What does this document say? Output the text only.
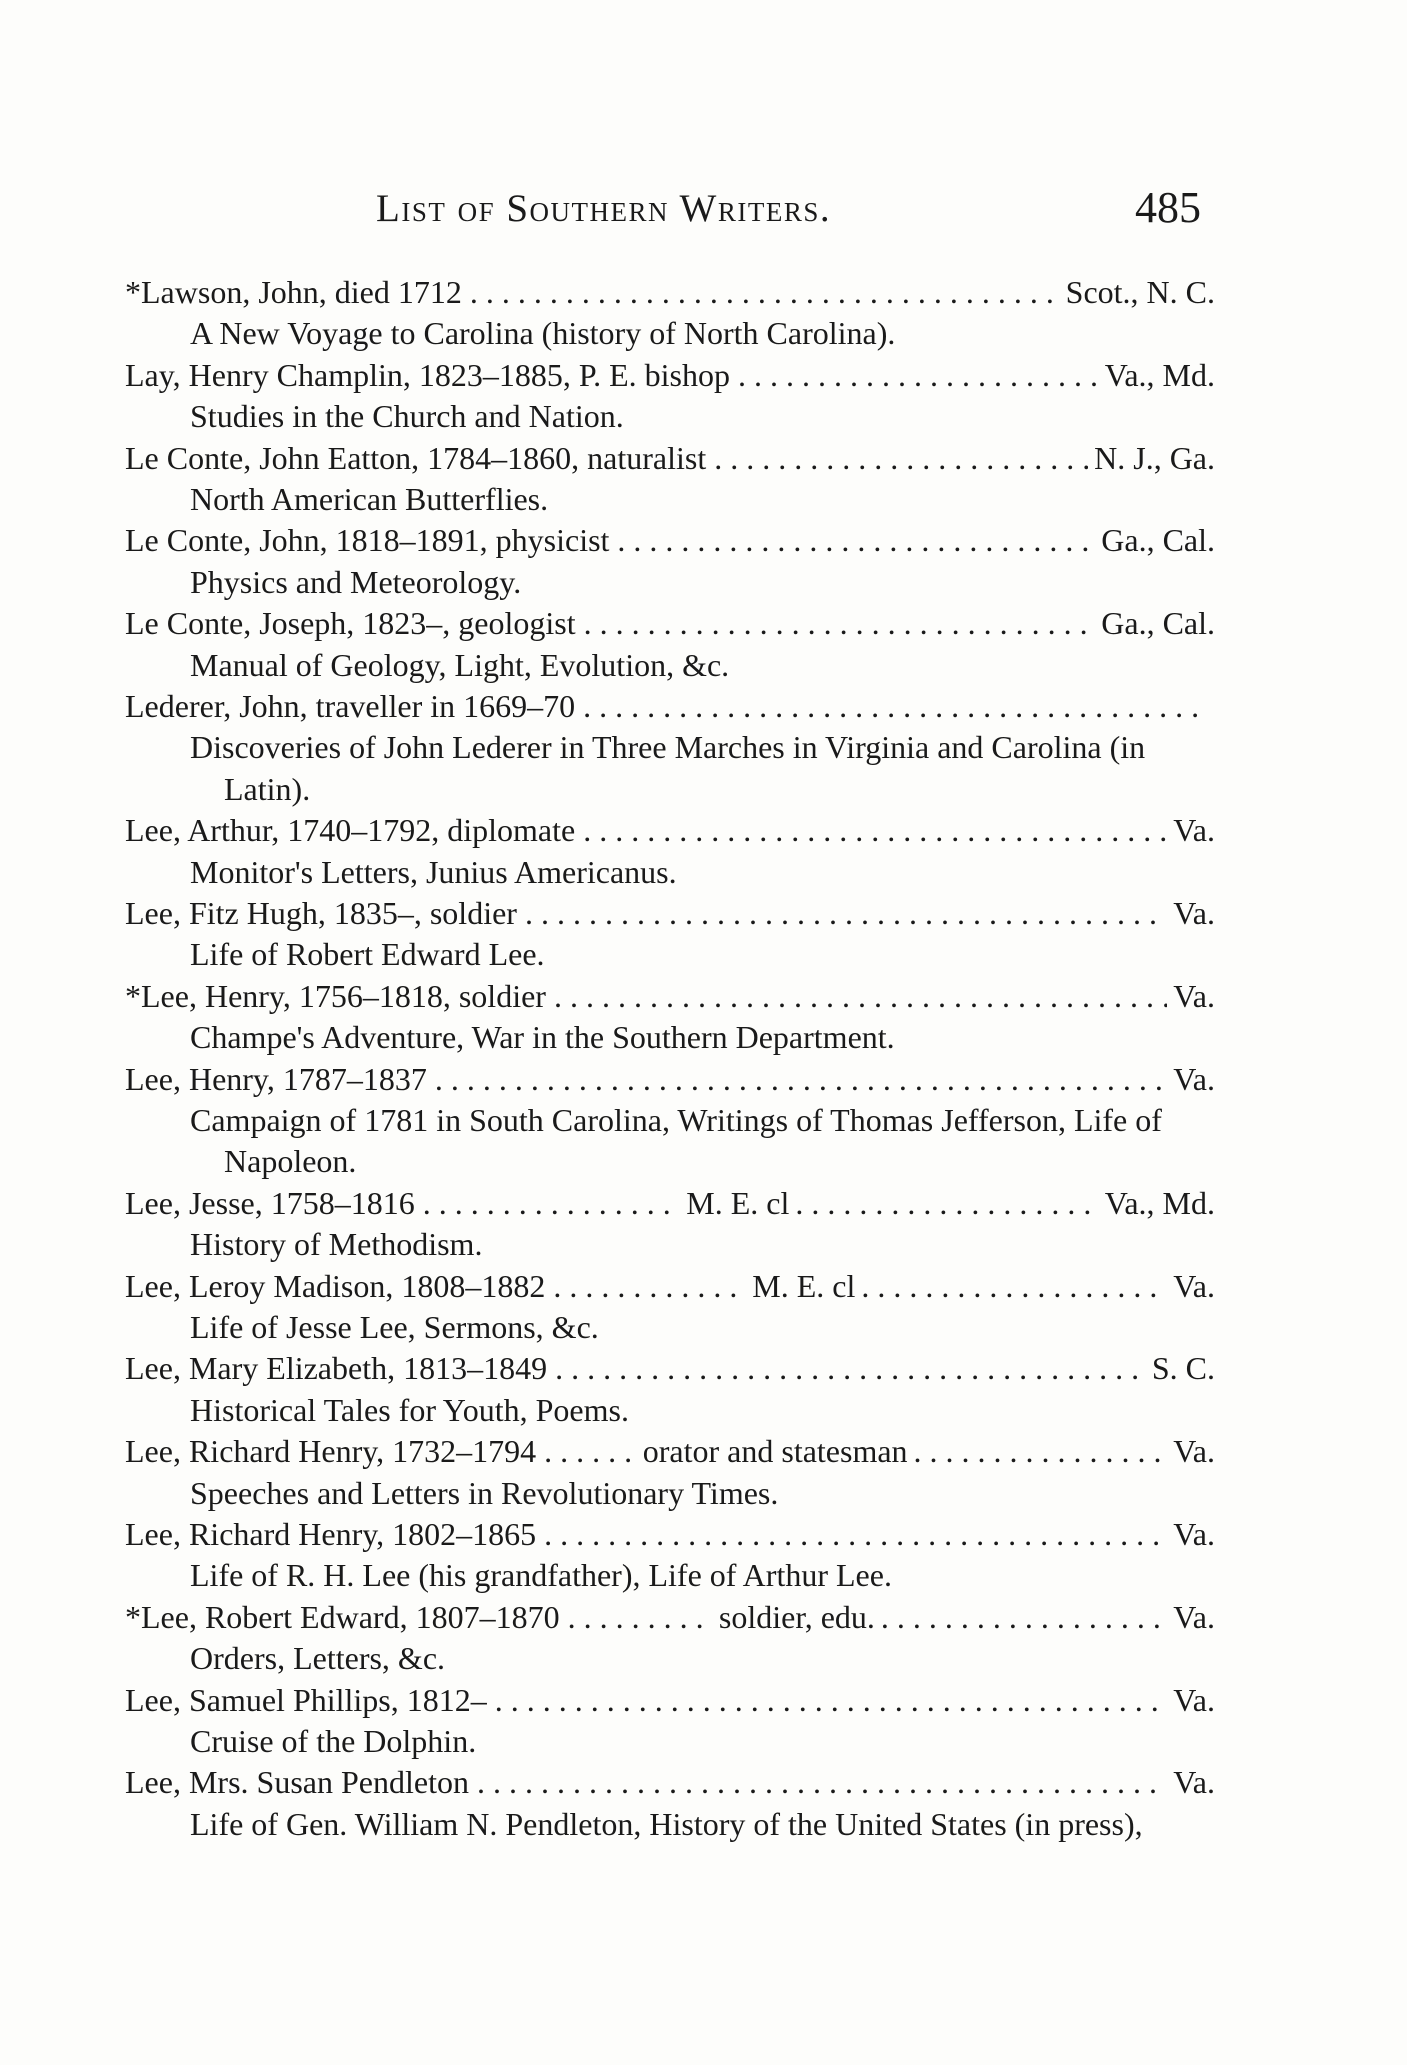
List of Southern Writers.	485
*Lawson, John, died 1712 . . .	Scot., N. C.
A New Voyage to Carolina (history of North Carolina).
Lay, Henry Champlin, 1823–1885, P. E. bishop . . .	Va., Md.
Studies in the Church and Nation.
Le Conte, John Eatton, 1784–1860, naturalist . . .	N. J., Ga.
North American Butterflies.
Le Conte, John, 1818–1891, physicist . . .	Ga., Cal.
Physics and Meteorology.
Le Conte, Joseph, 1823–, geologist . . .	Ga., Cal.
Manual of Geology, Light, Evolution, &c.
Lederer, John, traveller in 1669–70 . . .
Discoveries of John Lederer in Three Marches in Virginia and Carolina (in Latin).
Lee, Arthur, 1740–1792, diplomate . . .	Va.
Monitor's Letters, Junius Americanus.
Lee, Fitz Hugh, 1835–, soldier . . .	Va.
Life of Robert Edward Lee.
*Lee, Henry, 1756–1818, soldier . . .	Va.
Champe's Adventure, War in the Southern Department.
Lee, Henry, 1787–1837 . . .	Va.
Campaign of 1781 in South Carolina, Writings of Thomas Jefferson, Life of Napoleon.
Lee, Jesse, 1758–1816 . . .	M. E. cl . . .	Va., Md.
History of Methodism.
Lee, Leroy Madison, 1808–1882 . . .	M. E. cl . . .	Va.
Life of Jesse Lee, Sermons, &c.
Lee, Mary Elizabeth, 1813–1849 . . .	S. C.
Historical Tales for Youth, Poems.
Lee, Richard Henry, 1732–1794 . . .	orator and statesman . . .	Va.
Speeches and Letters in Revolutionary Times.
Lee, Richard Henry, 1802–1865 . . .	Va.
Life of R. H. Lee (his grandfather), Life of Arthur Lee.
*Lee, Robert Edward, 1807–1870 . . .	soldier, edu. . . .	Va.
Orders, Letters, &c.
Lee, Samuel Phillips, 1812– . . .	Va.
Cruise of the Dolphin.
Lee, Mrs. Susan Pendleton . . .	Va.
Life of Gen. William N. Pendleton, History of the United States (in press),
